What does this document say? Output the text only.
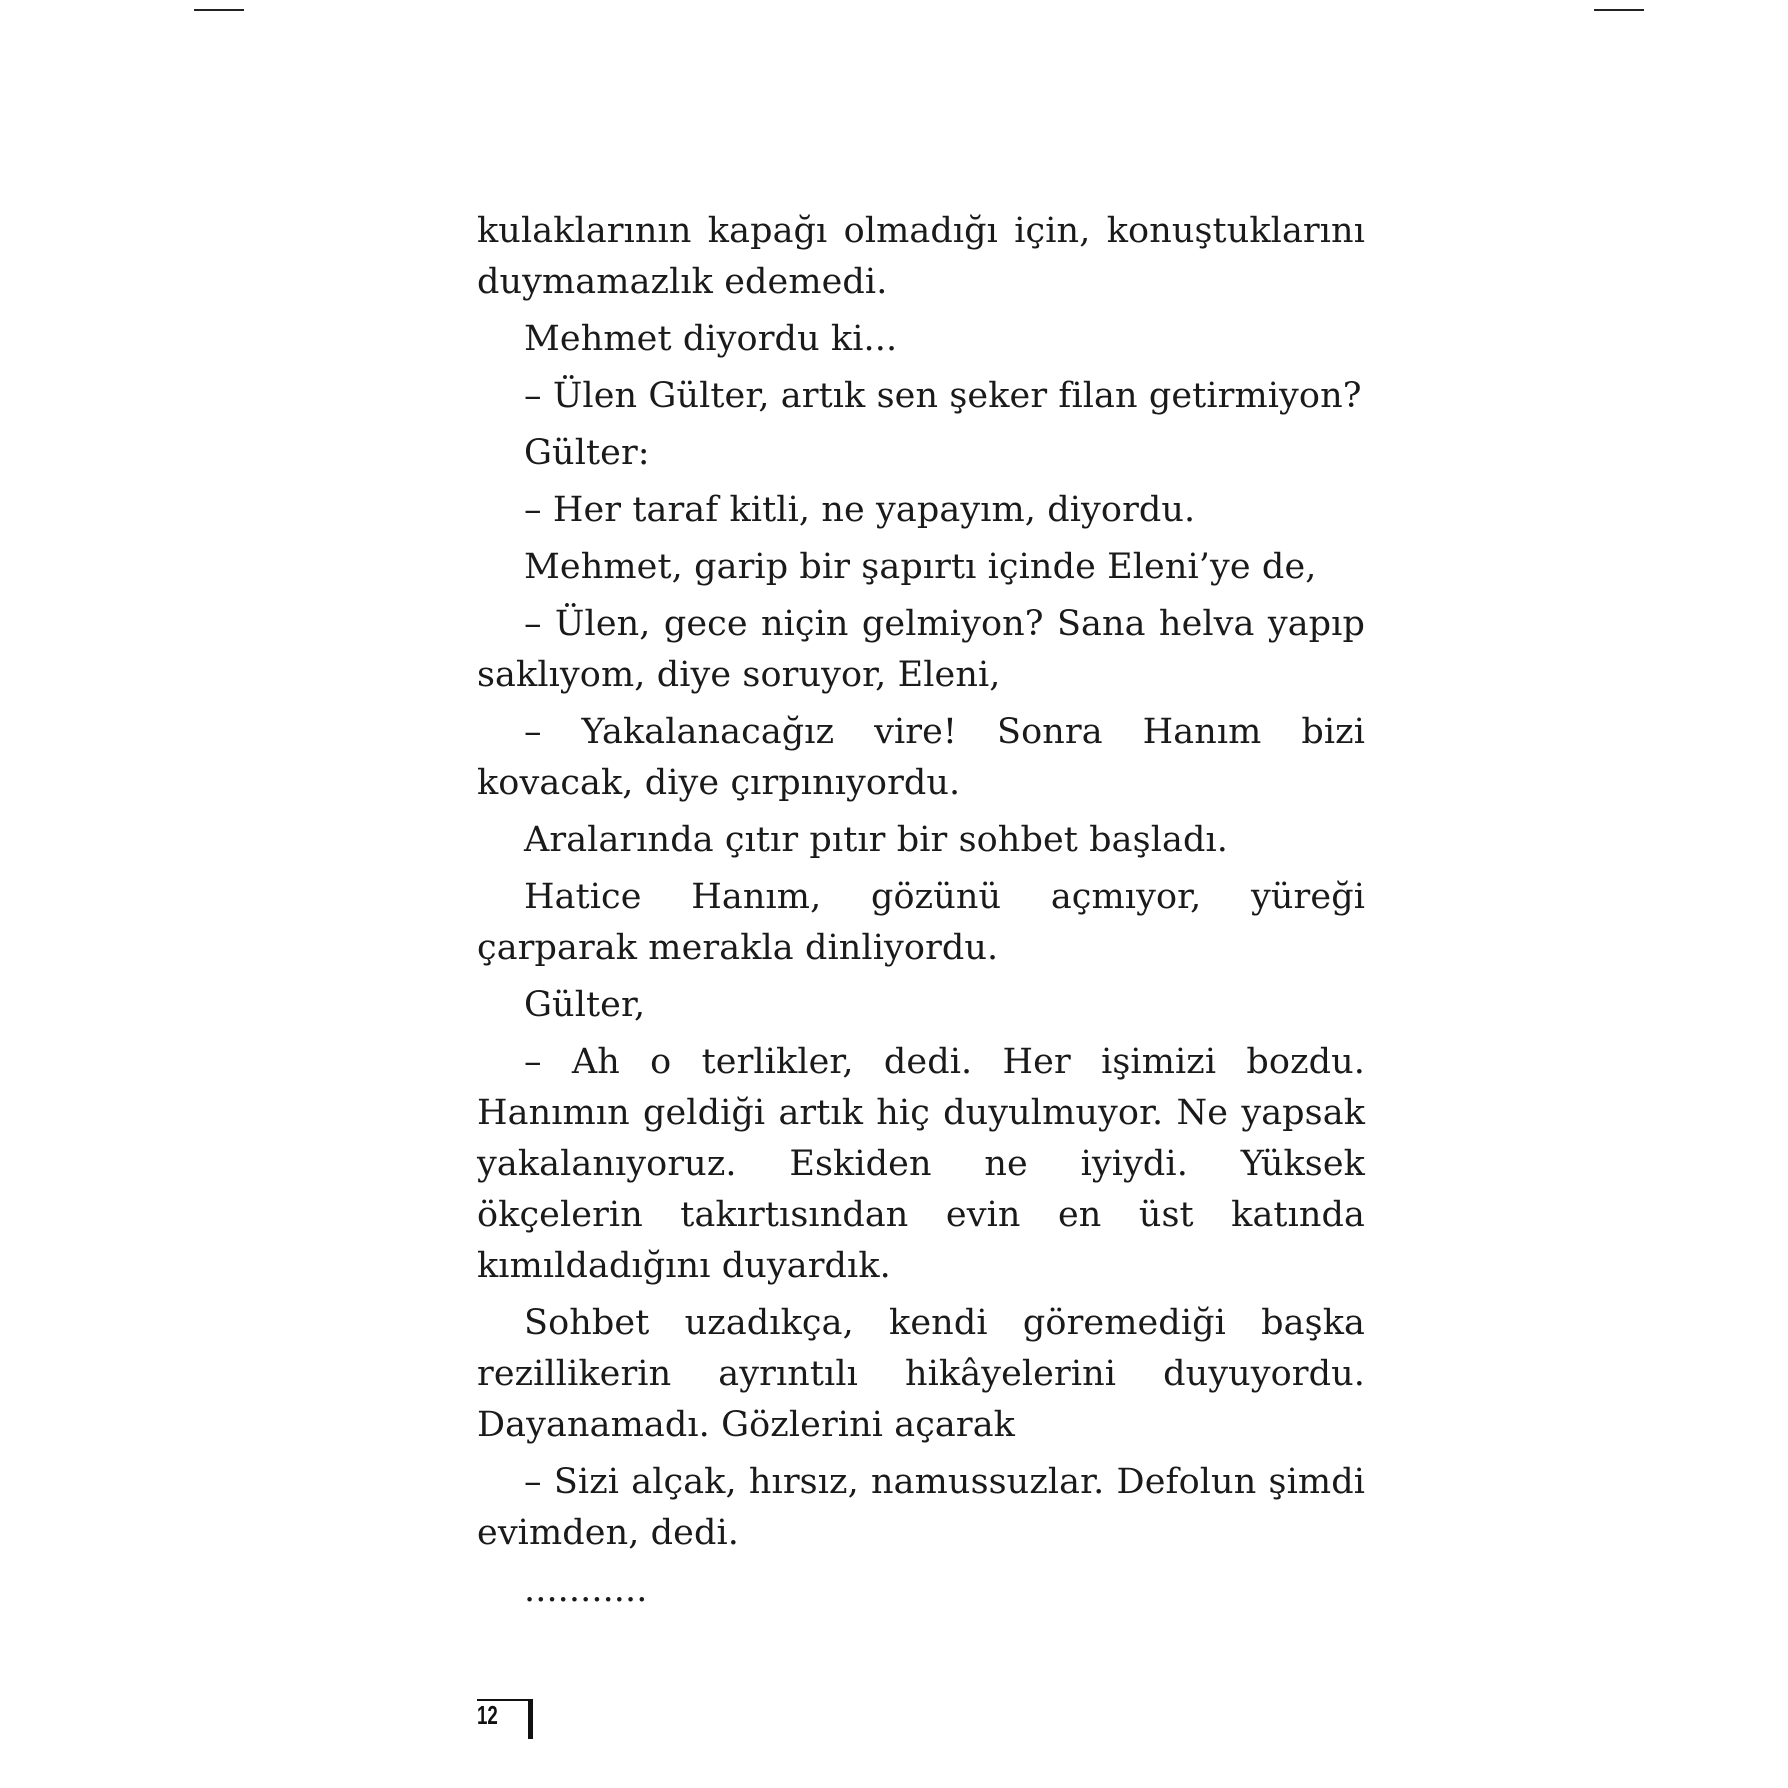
kulaklarının kapağı olmadığı için, konuştuklarını duymamazlık edemedi.

Mehmet diyordu ki...

– Ülen Gülter, artık sen şeker filan getirmiyon?

Gülter:

– Her taraf kitli, ne yapayım, diyordu.

Mehmet, garip bir şapırtı içinde Eleni’ye de,

– Ülen, gece niçin gelmiyon? Sana helva yapıp saklıyom, diye soruyor, Eleni,

– Yakalanacağız vire! Sonra Hanım bizi kovacak, diye çırpınıyordu.

Aralarında çıtır pıtır bir sohbet başladı.

Hatice Hanım, gözünü açmıyor, yüreği çarparak merakla dinliyordu.

Gülter,

– Ah o terlikler, dedi. Her işimizi bozdu. Hanımın geldiği artık hiç duyulmuyor. Ne yapsak yakalanıyoruz. Eskiden ne iyiydi. Yüksek ökçelerin takırtısından evin en üst katında kımıldadığını duyardık.

Sohbet uzadıkça, kendi göremediği başka rezillikerin ayrıntılı hikâyelerini duyuyordu. Dayanamadı. Gözlerini açarak

– Sizi alçak, hırsız, namussuzlar. Defolun şimdi evimden, dedi.

...........

12
